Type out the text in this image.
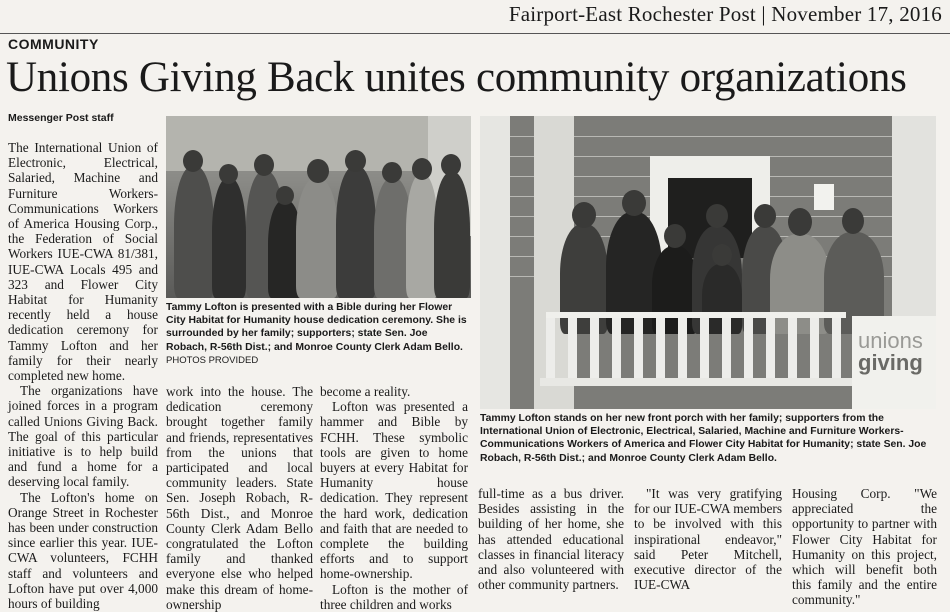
Fairport-East Rochester Post | November 17, 2016
COMMUNITY
Unions Giving Back unites community organizations
Messenger Post staff
Tammy Lofton is presented with a Bible during her Flower City Habitat for Humanity house dedication ceremony. She is surrounded by her family; supporters; state Sen. Joe Robach, R-56th Dist.; and Monroe County Clerk Adam Bello. PHOTOS PROVIDED
unions
giving
Tammy Lofton stands on her new front porch with her family; supporters from the International Union of Electronic, Electrical, Salaried, Machine and Furniture Workers-Communications Workers of America and Flower City Habitat for Humanity; state Sen. Joe Robach, R-56th Dist.; and Monroe County Clerk Adam Bello.

The International Union of Electronic, Electrical, Salaried, Machine and Furniture Workers-Communications Workers of America Housing Corp., the Federation of Social Workers IUE-CWA 81/381, IUE-CWA Locals 495 and 323 and Flower City Habitat for Humanity recently held a house dedication ceremony for Tammy Lofton and her family for their nearly completed new home.

The organizations have joined forces in a program called Unions Giving Back. The goal of this particular initiative is to help build and fund a home for a deserving local family.

The Lofton's home on Orange Street in Rochester has been under construction since earlier this year. IUE-CWA volunteers, FCHH staff and volunteers and Lofton have put over 4,000 hours of building

work into the house. The dedication ceremony brought together family and friends, representatives from the unions that participated and local community leaders. State Sen. Joseph Robach, R-56th Dist., and Monroe County Clerk Adam Bello congratulated the Lofton family and thanked everyone else who helped make this dream of home-ownership

become a reality.

Lofton was presented a hammer and Bible by FCHH. These symbolic tools are given to home buyers at every Habitat for Humanity house dedication. They represent the hard work, dedication and faith that are needed to complete the building efforts and to support home-ownership.

Lofton is the mother of three children and works

full-time as a bus driver. Besides assisting in the building of her home, she has attended educational classes in financial literacy and also volunteered with other community partners.

"It was very gratifying for our IUE-CWA members to be involved with this inspirational endeavor," said Peter Mitchell, executive director of the IUE-CWA

Housing Corp. "We appreciated the opportunity to partner with Flower City Habitat for Humanity on this project, which will benefit both this family and the entire community."
